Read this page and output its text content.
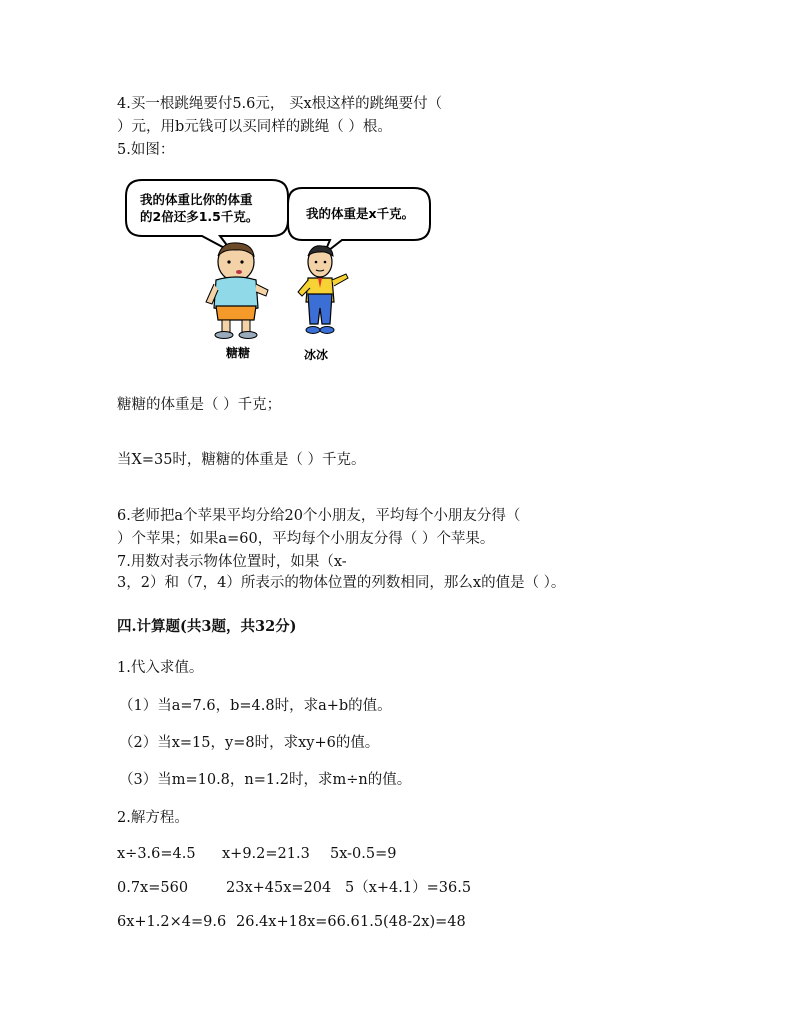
4.买一根跳绳要付5.6元， 买x根这样的跳绳要付（
）元，用b元钱可以买同样的跳绳（ ）根。
5.如图：
我的体重比你的体重
的2倍还多1.5千克。	我的体重是x千克。
糖糖	冰冰
糖糖的体重是（ ）千克；
当X=35时，糖糖的体重是（ ）千克。
6.老师把a个苹果平均分给20个小朋友，平均每个小朋友分得（
）个苹果；如果a=60，平均每个小朋友分得（ ）个苹果。
7.用数对表示物体位置时，如果（x-
3，2）和（7，4）所表示的物体位置的列数相同，那么x的值是（ ）。
四.计算题(共3题，共32分)
1.代入求值。
（1）当a=7.6，b=4.8时，求a+b的值。
（2）当x=15，y=8时，求xy+6的值。
（3）当m=10.8，n=1.2时，求m÷n的值。
2.解方程。
x÷3.6=4.5 x+9.2=21.3 5x-0.5=9
0.7x=560	23x+45x=204 5（x+4.1）=36.5
6x+1.2×4=9.6 26.4x+18x=66.6 1.5(48-2x)=48
